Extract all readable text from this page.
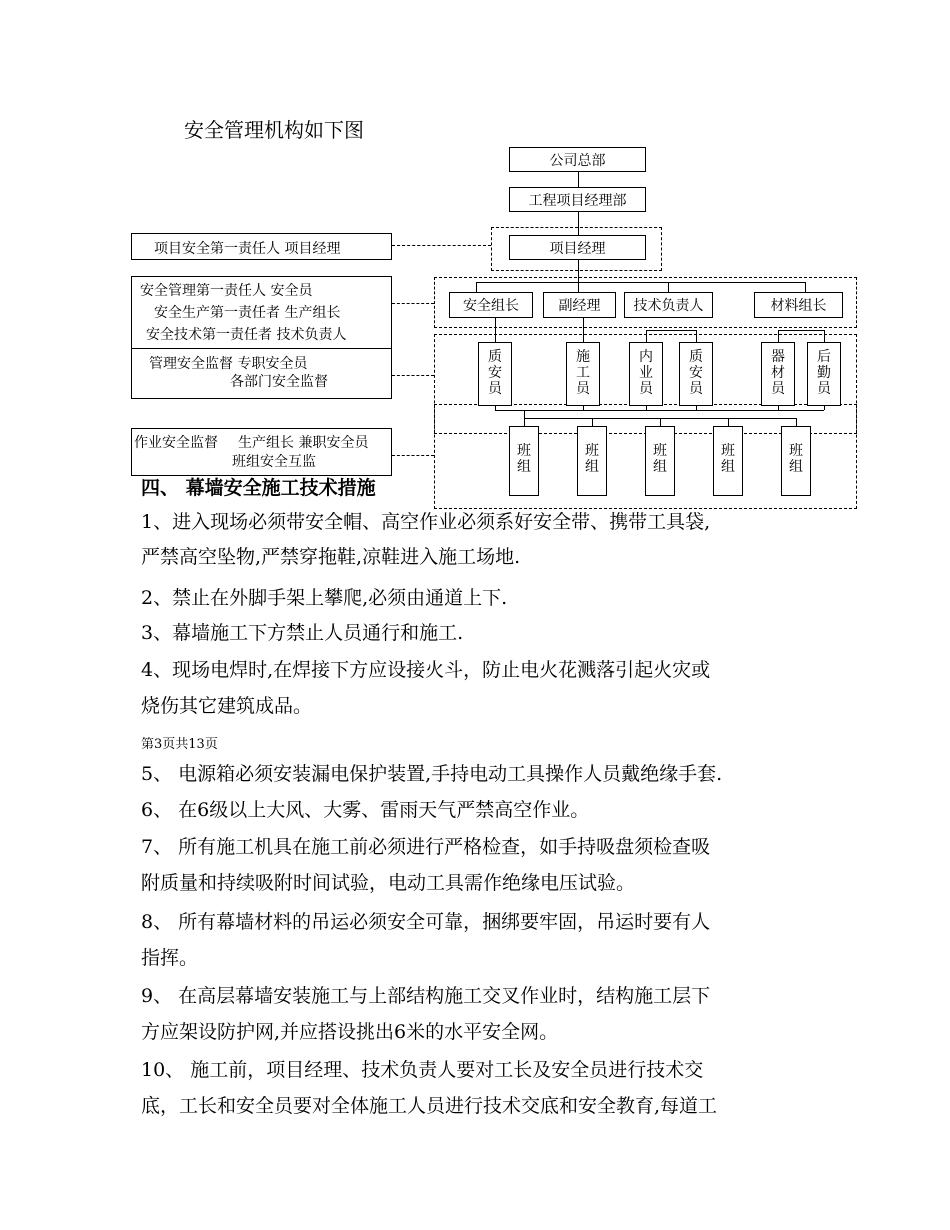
安全管理机构如下图
公司总部
工程项目经理部
项目经理
安全组长	副经理	技术负责人	材料组长
质
安
员
施
工
员
内
业
员
质
安
员
器
材
员
后
勤
员
班
组
班
组
班
组
班
组
班
组
项目安全第一责任人 项目经理
安全管理第一责任人 安全员
安全生产第一责任者 生产组长
安全技术第一责任者 技术负责人
管理安全监督 专职安全员
各部门安全监督
作业安全监督 生产组长 兼职安全员
班组安全互监
四、 幕墙安全施工技术措施
1、进入现场必须带安全帽、高空作业必须系好安全带、携带工具袋,
严禁高空坠物,严禁穿拖鞋,凉鞋进入施工场地.
2、禁止在外脚手架上攀爬,必须由通道上下.
3、幕墙施工下方禁止人员通行和施工.
4、现场电焊时,在焊接下方应设接火斗，防止电火花溅落引起火灾或
烧伤其它建筑成品。
第3页共13页
5、 电源箱必须安装漏电保护装置,手持电动工具操作人员戴绝缘手套.
6、 在6级以上大风、大雾、雷雨天气严禁高空作业。
7、 所有施工机具在施工前必须进行严格检查，如手持吸盘须检查吸
附质量和持续吸附时间试验，电动工具需作绝缘电压试验。
8、 所有幕墙材料的吊运必须安全可靠，捆绑要牢固，吊运时要有人
指挥。
9、 在高层幕墙安装施工与上部结构施工交叉作业时，结构施工层下
方应架设防护网,并应搭设挑出6米的水平安全网。
10、 施工前，项目经理、技术负责人要对工长及安全员进行技术交
底，工长和安全员要对全体施工人员进行技术交底和安全教育,每道工
